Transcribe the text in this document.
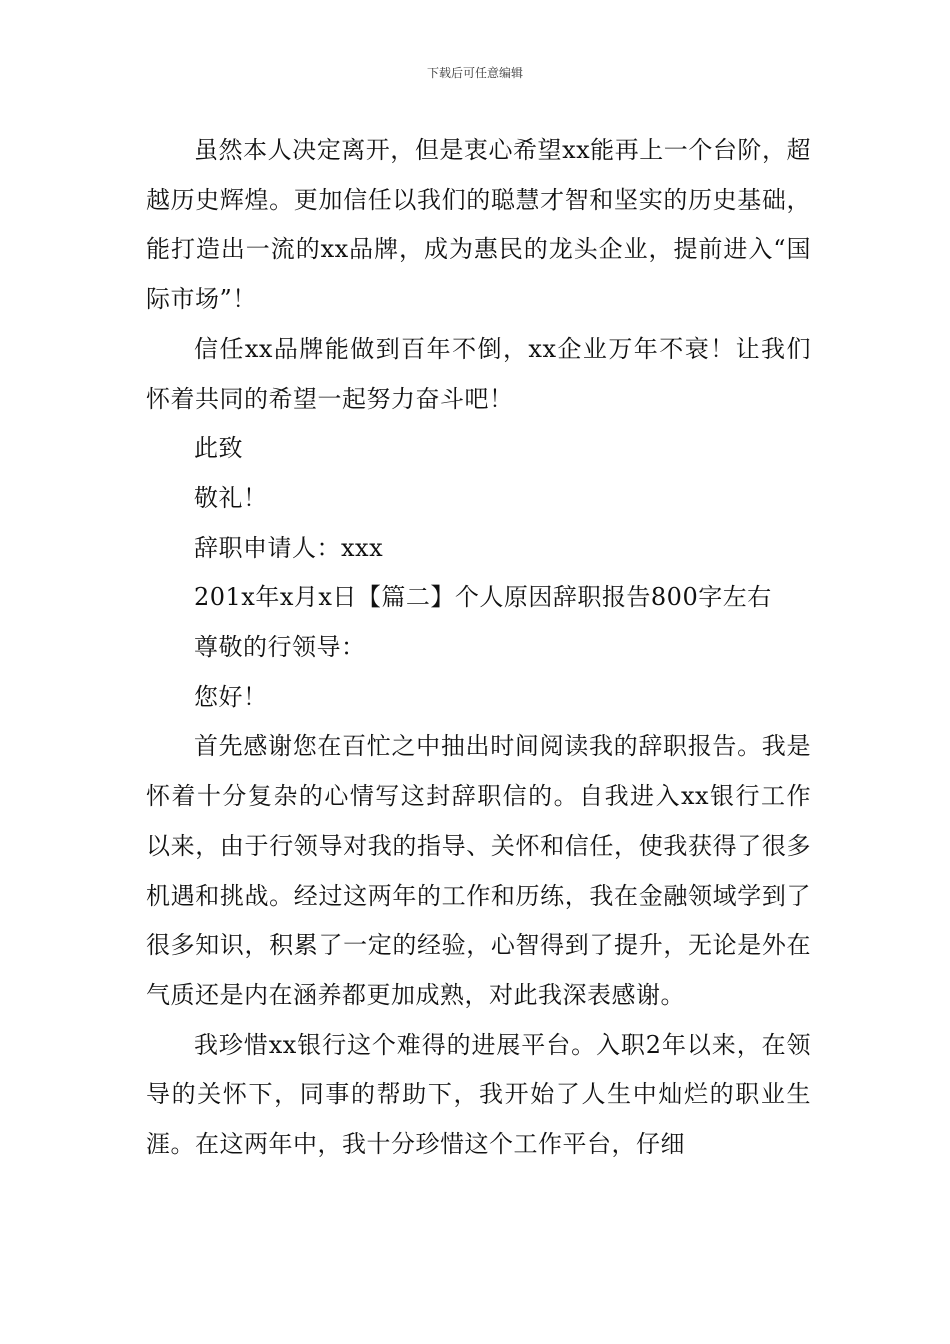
下载后可任意编辑

虽然本人决定离开，但是衷心希望xx能再上一个台阶，超越历史辉煌。更加信任以我们的聪慧才智和坚实的历史基础，能打造出一流的xx品牌，成为惠民的龙头企业，提前进入“国际市场”！

信任xx品牌能做到百年不倒，xx企业万年不衰！让我们怀着共同的希望一起努力奋斗吧！

此致

敬礼！

辞职申请人：xxx

201x年x月x日【篇二】个人原因辞职报告800字左右

尊敬的行领导：

您好！

首先感谢您在百忙之中抽出时间阅读我的辞职报告。我是怀着十分复杂的心情写这封辞职信的。自我进入xx银行工作以来，由于行领导对我的指导、关怀和信任，使我获得了很多机遇和挑战。经过这两年的工作和历练，我在金融领域学到了很多知识，积累了一定的经验，心智得到了提升，无论是外在气质还是内在涵养都更加成熟，对此我深表感谢。

我珍惜xx银行这个难得的进展平台。入职2年以来，在领导的关怀下，同事的帮助下，我开始了人生中灿烂的职业生涯。在这两年中，我十分珍惜这个工作平台，仔细
